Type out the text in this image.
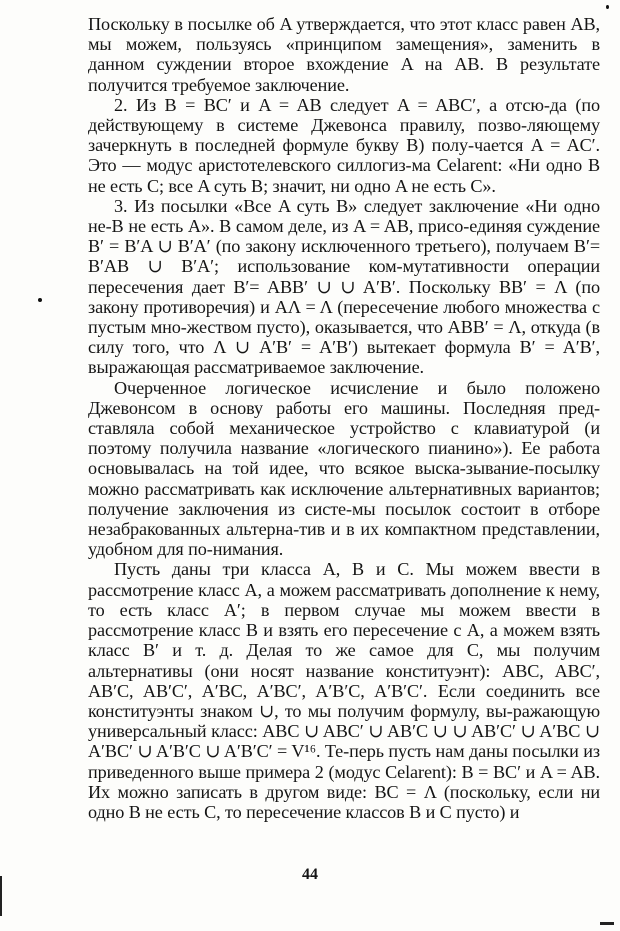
Поскольку в посылке об A утверждается, что этот класс равен AB, мы можем, пользуясь «принципом замещения», заменить в данном суждении второе вхождение A на AB. В результате получится требуемое заключение.

2. Из B = BC′ и A = AB следует A = ABC′, а отсю-да (по действующему в системе Джевонса правилу, позво-ляющему зачеркнуть в последней формуле букву B) полу-чается A = AC′. Это — модус аристотелевского силлогиз-ма Celarent: «Ни одно B не есть C; все A суть B; значит, ни одно A не есть C».

3. Из посылки «Все A суть B» следует заключение «Ни одно не-B не есть A». В самом деле, из A = AB, присо-единяя суждение B′ = B′A ∪ B′A′ (по закону исключенного третьего), получаем B′= B′AB ∪ B′A′; использование ком-мутативности операции пересечения дает B′= ABB′ ∪ ∪ A′B′. Поскольку BB′ = Λ (по закону противоречия) и AΛ = Λ (пересечение любого множества с пустым мно-жеством пусто), оказывается, что ABB′ = Λ, откуда (в силу того, что Λ ∪ A′B′ = A′B′) вытекает формула B′ = A′B′, выражающая рассматриваемое заключение.

Очерченное логическое исчисление и было положено Джевонсом в основу работы его машины. Последняя пред-ставляла собой механическое устройство с клавиатурой (и поэтому получила название «логического пианино»). Ее работа основывалась на той идее, что всякое выска-зывание-посылку можно рассматривать как исключение альтернативных вариантов; получение заключения из систе-мы посылок состоит в отборе незабракованных альтерна-тив и в их компактном представлении, удобном для по-нимания.

Пусть даны три класса A, B и C. Мы можем ввести в рассмотрение класс A, а можем рассматривать дополнение к нему, то есть класс A′; в первом случае мы можем ввести в рассмотрение класс B и взять его пересечение с A, а можем взять класс B′ и т. д. Делая то же самое для C, мы получим альтернативы (они носят название конституэнт): ABC, ABC′, AB′C, AB′C′, A′BC, A′BC′, A′B′C, A′B′C′. Если соединить все конституэнты знаком ∪, то мы получим формулу, вы-ражающую универсальный класс: ABC ∪ ABC′ ∪ AB′C ∪ ∪ AB′C′ ∪ A′BC ∪ A′BC′ ∪ A′B′C ∪ A′B′C′ = V¹⁶. Те-перь пусть нам даны посылки из приведенного выше примера 2 (модус Celarent): B = BC′ и A = AB. Их можно записать в другом виде: BC = Λ (поскольку, если ни одно B не есть C, то пересечение классов B и C пусто) и

44
